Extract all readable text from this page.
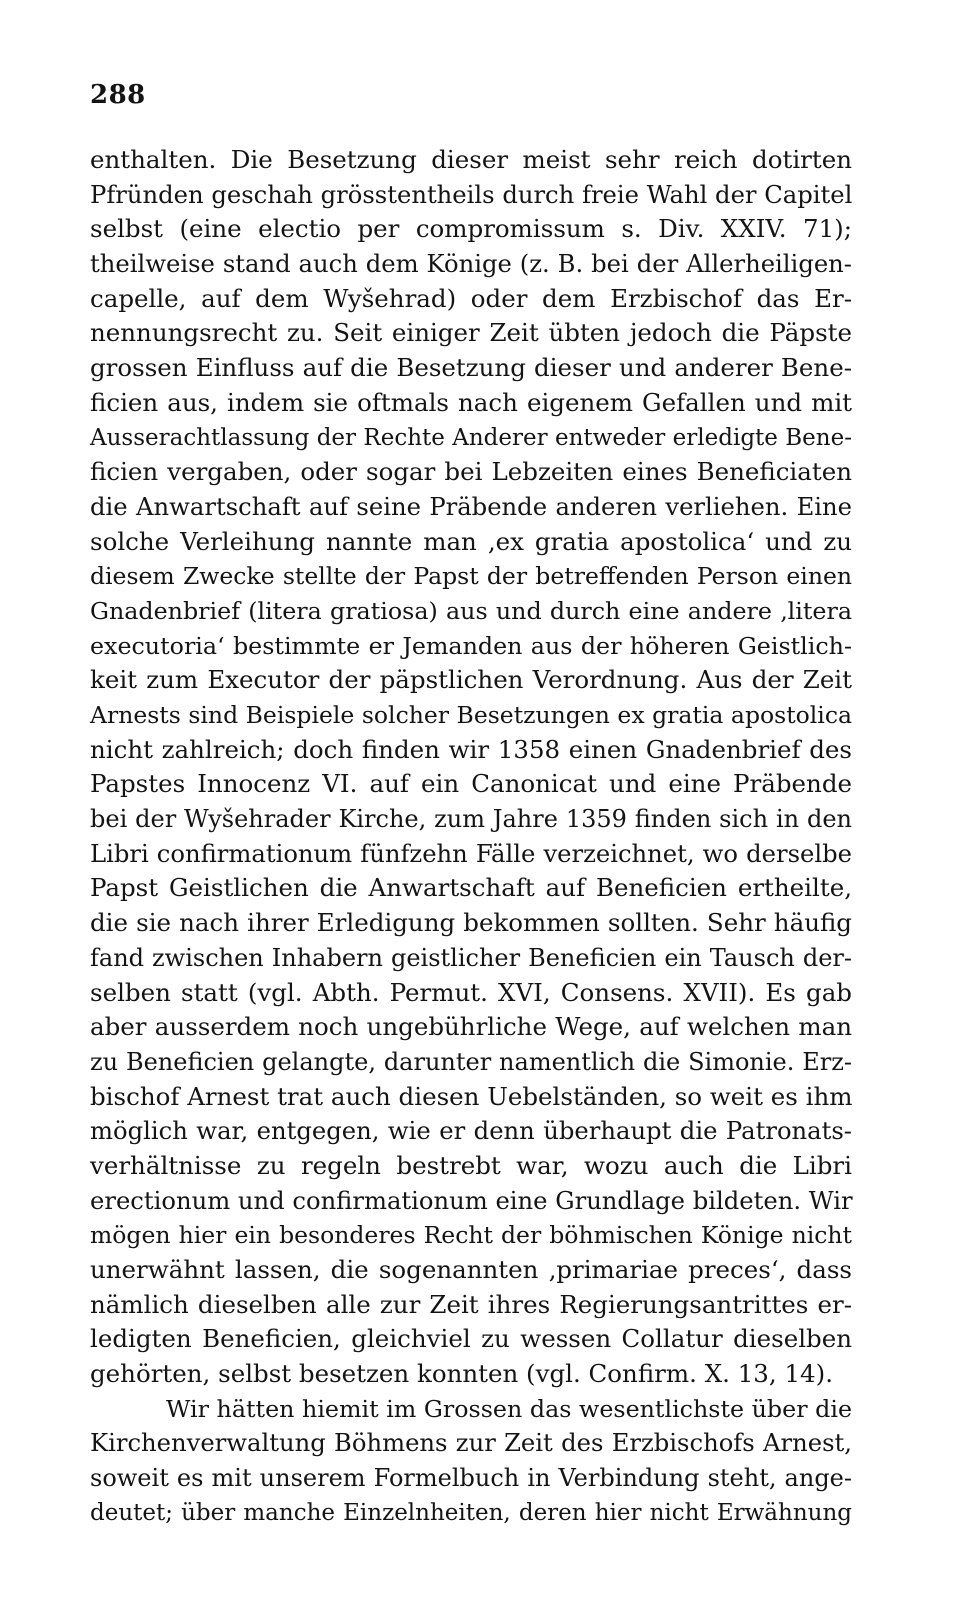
288
enthalten. Die Besetzung dieser meist sehr reich dotirten
Pfründen geschah grösstentheils durch freie Wahl der Capitel
selbst (eine electio per compromissum s. Div. XXIV. 71);
theilweise stand auch dem Könige (z. B. bei der Allerheiligen-
capelle, auf dem Wyšehrad) oder dem Erzbischof das Er-
nennungsrecht zu. Seit einiger Zeit übten jedoch die Päpste
grossen Einfluss auf die Besetzung dieser und anderer Bene-
ficien aus, indem sie oftmals nach eigenem Gefallen und mit
Ausserachtlassung der Rechte Anderer entweder erledigte Bene-
ficien vergaben, oder sogar bei Lebzeiten eines Beneficiaten
die Anwartschaft auf seine Präbende anderen verliehen. Eine
solche Verleihung nannte man ‚ex gratia apostolica‘ und zu
diesem Zwecke stellte der Papst der betreffenden Person einen
Gnadenbrief (litera gratiosa) aus und durch eine andere ‚litera
executoria‘ bestimmte er Jemanden aus der höheren Geistlich-
keit zum Executor der päpstlichen Verordnung. Aus der Zeit
Arnests sind Beispiele solcher Besetzungen ex gratia apostolica
nicht zahlreich; doch finden wir 1358 einen Gnadenbrief des
Papstes Innocenz VI. auf ein Canonicat und eine Präbende
bei der Wyšehrader Kirche, zum Jahre 1359 finden sich in den
Libri confirmationum fünfzehn Fälle verzeichnet, wo derselbe
Papst Geistlichen die Anwartschaft auf Beneficien ertheilte,
die sie nach ihrer Erledigung bekommen sollten. Sehr häufig
fand zwischen Inhabern geistlicher Beneficien ein Tausch der-
selben statt (vgl. Abth. Permut. XVI, Consens. XVII). Es gab
aber ausserdem noch ungebührliche Wege, auf welchen man
zu Beneficien gelangte, darunter namentlich die Simonie. Erz-
bischof Arnest trat auch diesen Uebelständen, so weit es ihm
möglich war, entgegen, wie er denn überhaupt die Patronats-
verhältnisse zu regeln bestrebt war, wozu auch die Libri
erectionum und confirmationum eine Grundlage bildeten. Wir
mögen hier ein besonderes Recht der böhmischen Könige nicht
unerwähnt lassen, die sogenannten ‚primariae preces‘, dass
nämlich dieselben alle zur Zeit ihres Regierungsantrittes er-
ledigten Beneficien, gleichviel zu wessen Collatur dieselben
gehörten, selbst besetzen konnten (vgl. Confirm. X. 13, 14).
Wir hätten hiemit im Grossen das wesentlichste über die
Kirchenverwaltung Böhmens zur Zeit des Erzbischofs Arnest,
soweit es mit unserem Formelbuch in Verbindung steht, ange-
deutet; über manche Einzelnheiten, deren hier nicht Erwähnung
